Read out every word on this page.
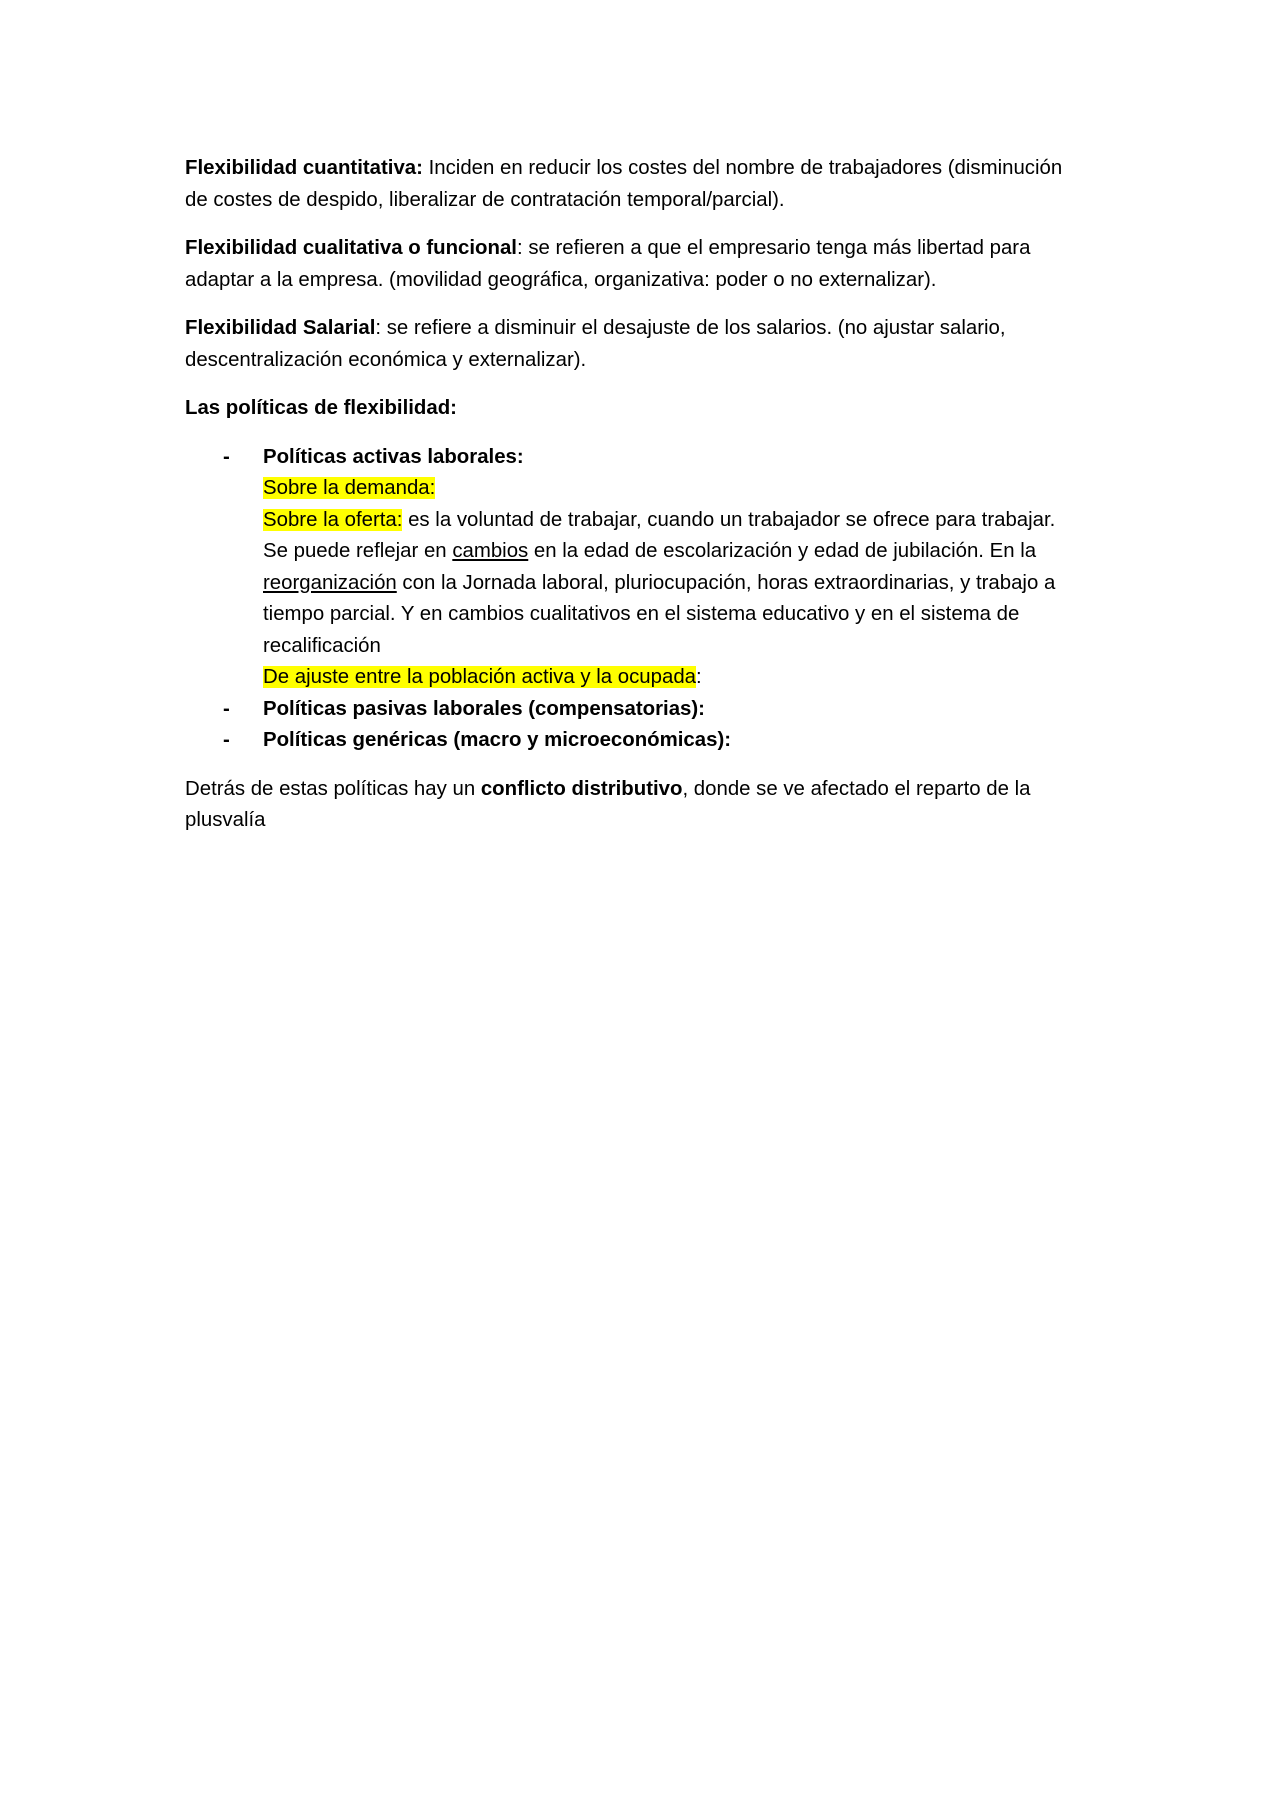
Flexibilidad cuantitativa: Inciden en reducir los costes del nombre de trabajadores (disminución de costes de despido, liberalizar de contratación temporal/parcial).

Flexibilidad cualitativa o funcional: se refieren a que el empresario tenga más libertad para adaptar a la empresa. (movilidad geográfica, organizativa: poder o no externalizar).

Flexibilidad Salarial: se refiere a disminuir el desajuste de los salarios. (no ajustar salario, descentralización económica y externalizar).

Las políticas de flexibilidad:

- Políticas activas laborales:
Sobre la demanda:
Sobre la oferta: es la voluntad de trabajar, cuando un trabajador se ofrece para trabajar. Se puede reflejar en cambios en la edad de escolarización y edad de jubilación. En la reorganización con la Jornada laboral, pluriocupación, horas extraordinarias, y trabajo a tiempo parcial. Y en cambios cualitativos en el sistema educativo y en el sistema de recalificación
De ajuste entre la población activa y la ocupada:
- Políticas pasivas laborales (compensatorias):
- Políticas genéricas (macro y microeconómicas):

Detrás de estas políticas hay un conflicto distributivo, donde se ve afectado el reparto de la plusvalía
